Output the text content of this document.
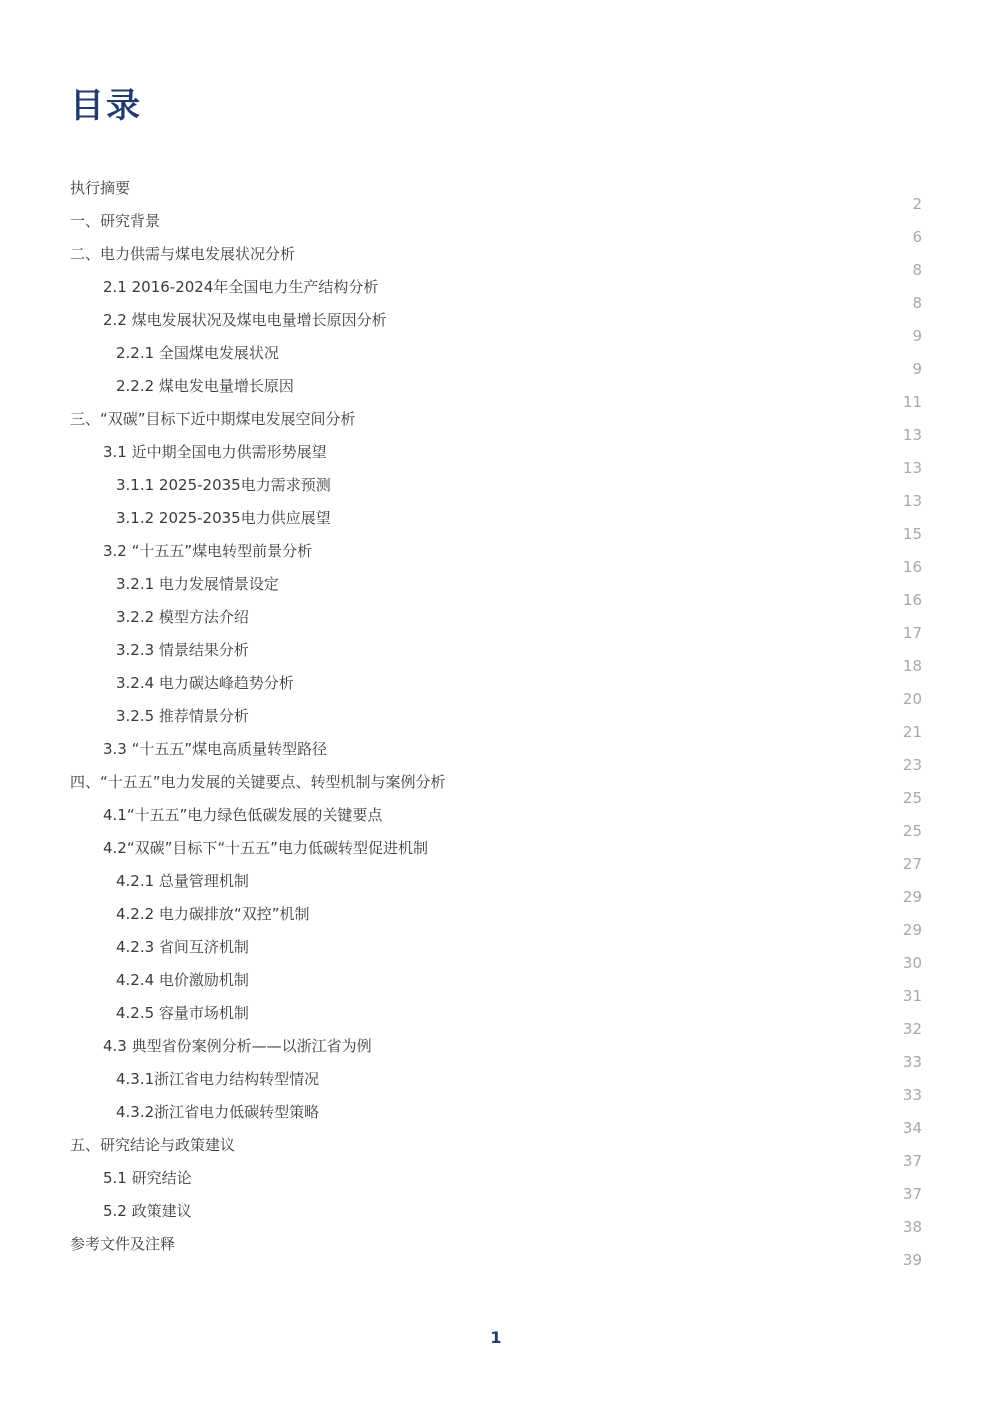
目录
执行摘要
2
一、研究背景
6
二、电力供需与煤电发展状况分析
8
2.1 2016-2024年全国电力生产结构分析
8
2.2 煤电发展状况及煤电电量增长原因分析
9
2.2.1 全国煤电发展状况
9
2.2.2 煤电发电量增长原因
11
三、“双碳”目标下近中期煤电发展空间分析
13
3.1 近中期全国电力供需形势展望
13
3.1.1 2025-2035电力需求预测
13
3.1.2 2025-2035电力供应展望
15
3.2 “十五五”煤电转型前景分析
16
3.2.1 电力发展情景设定
16
3.2.2 模型方法介绍
17
3.2.3 情景结果分析
18
3.2.4 电力碳达峰趋势分析
20
3.2.5 推荐情景分析
21
3.3 “十五五”煤电高质量转型路径
23
四、“十五五”电力发展的关键要点、转型机制与案例分析
25
4.1“十五五”电力绿色低碳发展的关键要点
25
4.2“双碳”目标下“十五五”电力低碳转型促进机制
27
4.2.1 总量管理机制
29
4.2.2 电力碳排放“双控”机制
29
4.2.3 省间互济机制
30
4.2.4 电价激励机制
31
4.2.5 容量市场机制
32
4.3 典型省份案例分析——以浙江省为例
33
4.3.1浙江省电力结构转型情况
33
4.3.2浙江省电力低碳转型策略
34
五、研究结论与政策建议
37
5.1 研究结论
37
5.2 政策建议
38
参考文件及注释
39
1
